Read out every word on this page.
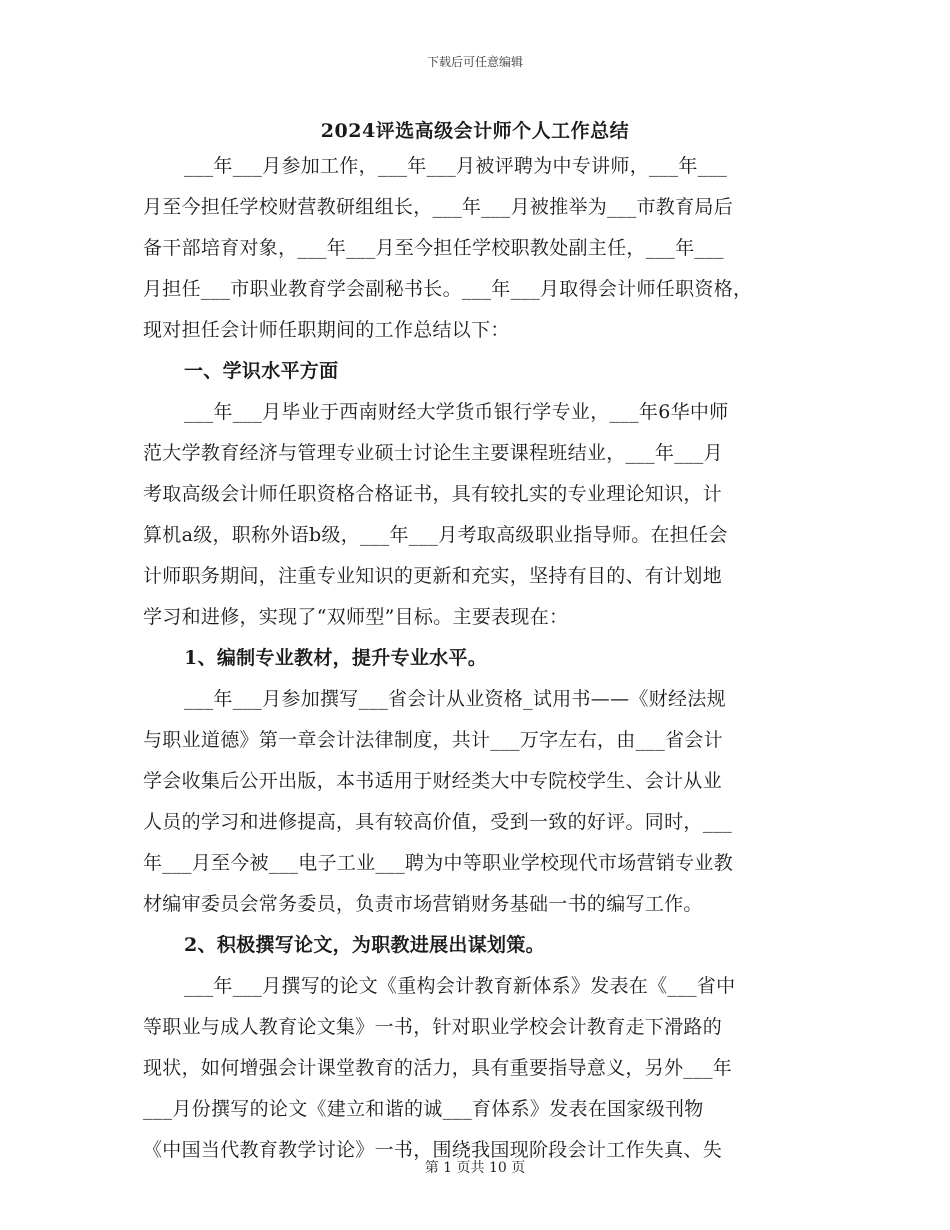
下载后可任意编辑
2024评选高级会计师个人工作总结
___年___月参加工作，___年___月被评聘为中专讲师，___年___
月至今担任学校财营教研组组长，___年___月被推举为___市教育局后
备干部培育对象，___年___月至今担任学校职教处副主任，___年___
月担任___市职业教育学会副秘书长。___年___月取得会计师任职资格，
现对担任会计师任职期间的工作总结以下：
一、学识水平方面
___年___月毕业于西南财经大学货币银行学专业，___年6华中师
范大学教育经济与管理专业硕士讨论生主要课程班结业，___年___月
考取高级会计师任职资格合格证书，具有较扎实的专业理论知识，计
算机a级，职称外语b级，___年___月考取高级职业指导师。在担任会
计师职务期间，注重专业知识的更新和充实，坚持有目的、有计划地
学习和进修，实现了“双师型”目标。主要表现在：
1、编制专业教材，提升专业水平。
___年___月参加撰写___省会计从业资格_试用书——《财经法规
与职业道德》第一章会计法律制度，共计___万字左右，由___省会计
学会收集后公开出版，本书适用于财经类大中专院校学生、会计从业
人员的学习和进修提高，具有较高价值，受到一致的好评。同时，___
年___月至今被___电子工业___聘为中等职业学校现代市场营销专业教
材编审委员会常务委员，负责市场营销财务基础一书的编写工作。
2、积极撰写论文，为职教进展出谋划策。
___年___月撰写的论文《重构会计教育新体系》发表在《___省中
等职业与成人教育论文集》一书，针对职业学校会计教育走下滑路的
现状，如何增强会计课堂教育的活力，具有重要指导意义，另外___年
___月份撰写的论文《建立和谐的诚___育体系》发表在国家级刊物
《中国当代教育教学讨论》一书，围绕我国现阶段会计工作失真、失
第 1 页共 10 页
